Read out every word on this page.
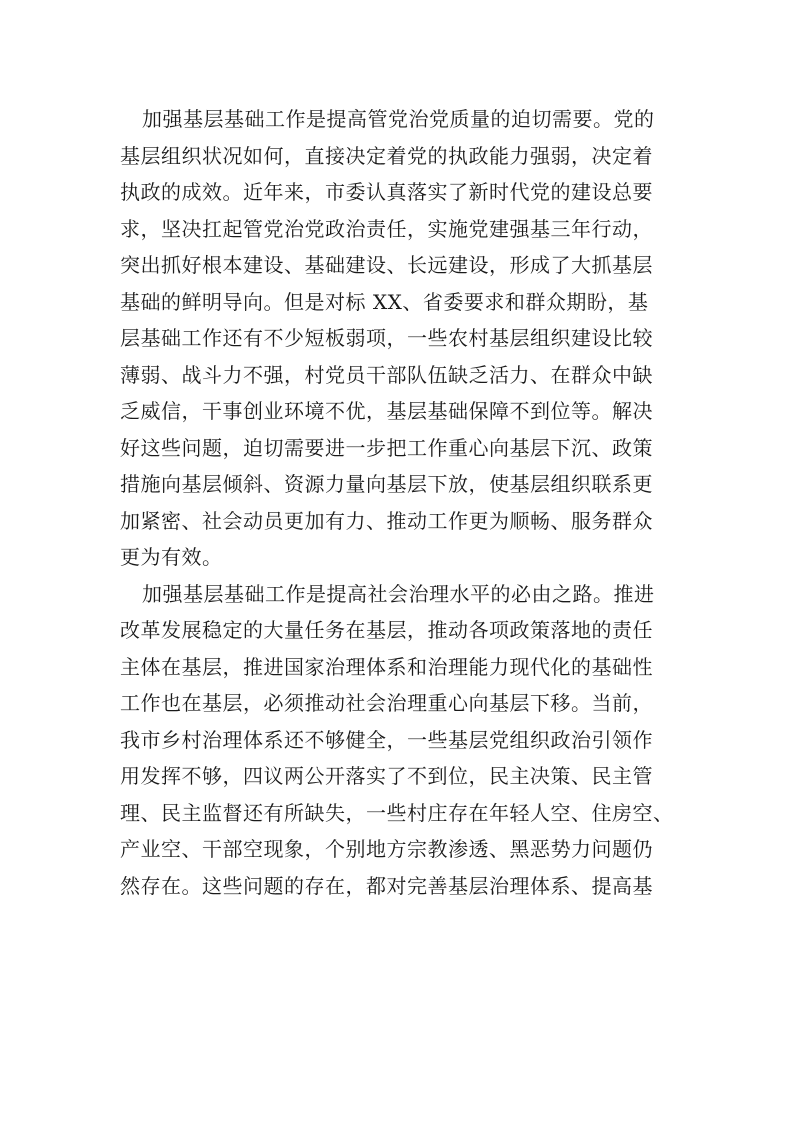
加强基层基础工作是提高管党治党质量的迫切需要。党的
基层组织状况如何，直接决定着党的执政能力强弱，决定着
执政的成效。近年来，市委认真落实了新时代党的建设总要
求，坚决扛起管党治党政治责任，实施党建强基三年行动，
突出抓好根本建设、基础建设、长远建设，形成了大抓基层
基础的鲜明导向。但是对标 XX、省委要求和群众期盼，基
层基础工作还有不少短板弱项，一些农村基层组织建设比较
薄弱、战斗力不强，村党员干部队伍缺乏活力、在群众中缺
乏威信，干事创业环境不优，基层基础保障不到位等。解决
好这些问题，迫切需要进一步把工作重心向基层下沉、政策
措施向基层倾斜、资源力量向基层下放，使基层组织联系更
加紧密、社会动员更加有力、推动工作更为顺畅、服务群众
更为有效。
加强基层基础工作是提高社会治理水平的必由之路。推进
改革发展稳定的大量任务在基层，推动各项政策落地的责任
主体在基层，推进国家治理体系和治理能力现代化的基础性
工作也在基层，必须推动社会治理重心向基层下移。当前，
我市乡村治理体系还不够健全，一些基层党组织政治引领作
用发挥不够，四议两公开落实了不到位，民主决策、民主管
理、民主监督还有所缺失，一些村庄存在年轻人空、住房空、
产业空、干部空现象，个别地方宗教渗透、黑恶势力问题仍
然存在。这些问题的存在，都对完善基层治理体系、提高基
